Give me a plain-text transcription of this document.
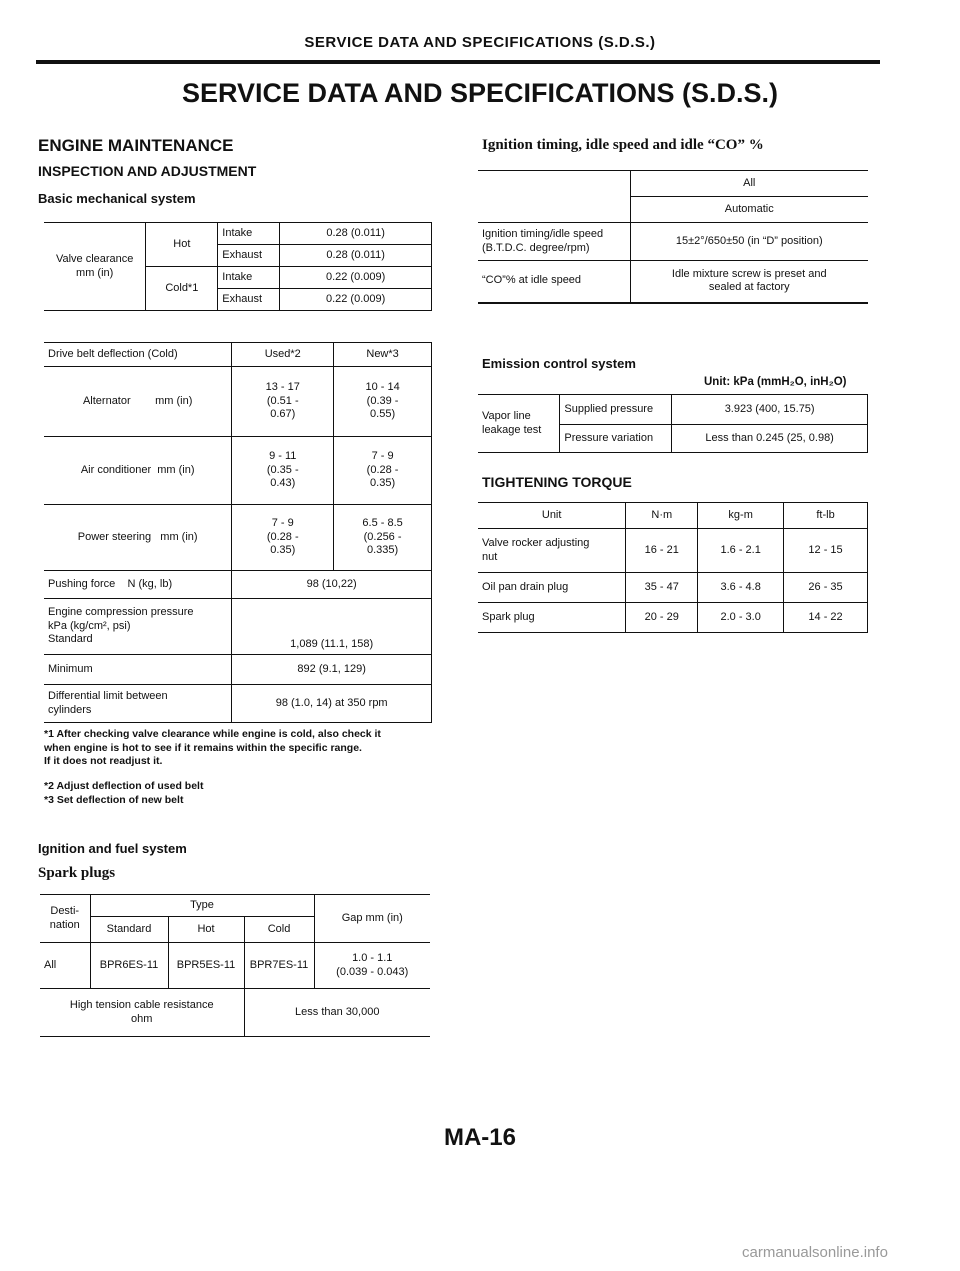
SERVICE DATA AND SPECIFICATIONS (S.D.S.)
SERVICE DATA AND SPECIFICATIONS (S.D.S.)
ENGINE MAINTENANCE
INSPECTION AND ADJUSTMENT
Basic mechanical system
Valve clearance
mm (in)	Hot	Intake	0.28 (0.011)
		Exhaust	0.28 (0.011)
	Cold*1	Intake	0.22 (0.009)
		Exhaust	0.22 (0.009)
Drive belt deflection (Cold)	Used*2	New*3
Alternator        mm (in)	13 - 17
(0.51 -
0.67)	10 - 14
(0.39 -
0.55)
Air conditioner  mm (in)	9 - 11
(0.35 -
0.43)	7 - 9
(0.28 -
0.35)
Power steering   mm (in)	7 - 9
(0.28 -
0.35)	6.5 - 8.5
(0.256 -
0.335)
Pushing force    N (kg, lb)	98 (10,22)	
Engine compression pressure
kPa (kg/cm², psi)
Standard	1,089 (11.1, 158)	
Minimum	892 (9.1, 129)	
Differential limit between
cylinders	98 (1.0, 14) at 350 rpm	
*1 After checking valve clearance while engine is cold, also check it
when engine is hot to see if it remains within the specific range.
If it does not readjust it.
*2 Adjust deflection of used belt
*3 Set deflection of new belt
Ignition and fuel system
Spark plugs
Desti-
nation	Type			Gap mm (in)
	Standard	Hot	Cold	
All	BPR6ES-11	BPR5ES-11	BPR7ES-11	1.0 - 1.1
(0.039 - 0.043)
High tension cable resistance
ohm			Less than 30,000	
Ignition timing, idle speed and idle “CO” %
	All
	Automatic
Ignition timing/idle speed
(B.T.D.C. degree/rpm)	15±2°/650±50 (in “D” position)
“CO”% at idle speed	Idle mixture screw is preset and
sealed at factory
Emission control system
Unit: kPa (mmH₂O, inH₂O)
Vapor line
leakage test	Supplied pressure	3.923 (400, 15.75)
	Pressure variation	Less than 0.245 (25, 0.98)
TIGHTENING TORQUE
Unit	N·m	kg-m	ft-lb
Valve rocker adjusting
nut	16 - 21	1.6 - 2.1	12 - 15
Oil pan drain plug	35 - 47	3.6 - 4.8	26 - 35
Spark plug	20 - 29	2.0 - 3.0	14 - 22
MA-16
carmanualsonline.info
